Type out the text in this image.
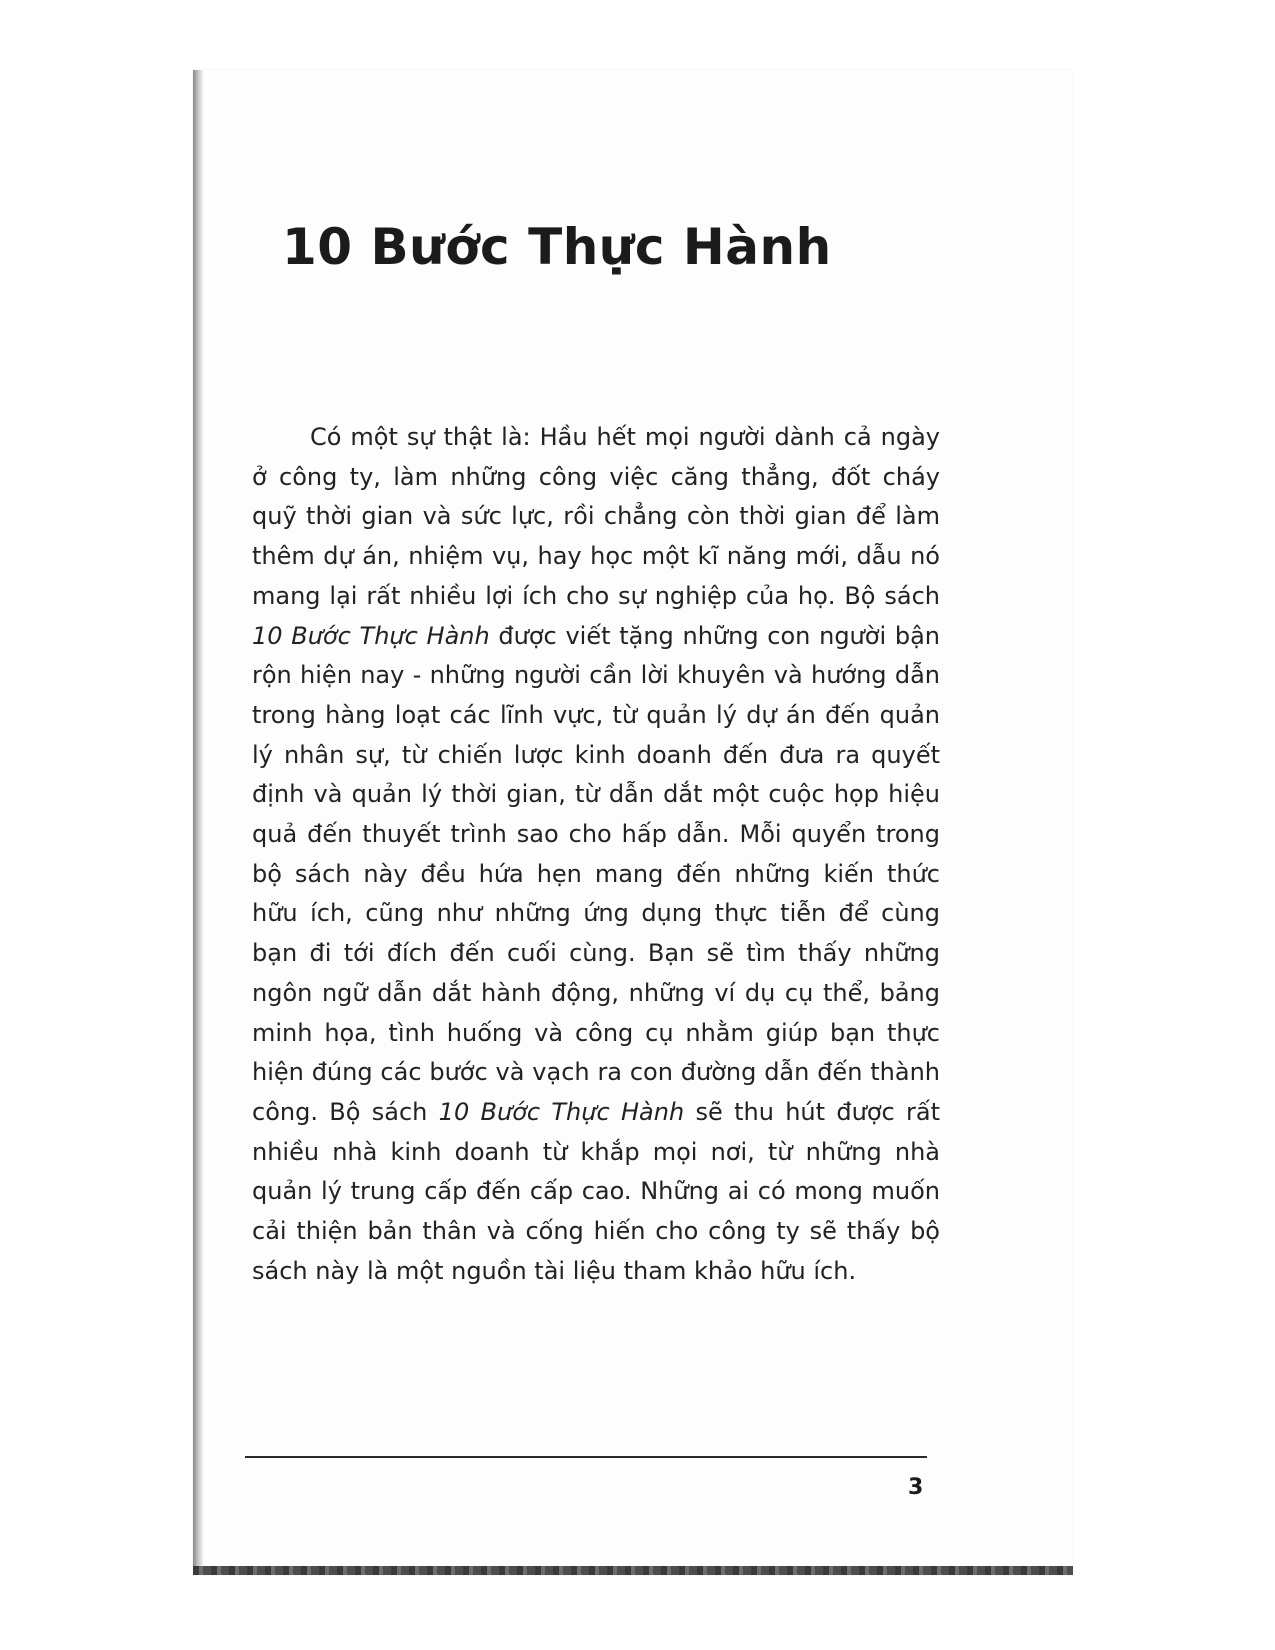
10 Bước Thực Hành

Có một sự thật là: Hầu hết mọi người dành cả ngày ở công ty, làm những công việc căng thẳng, đốt cháy quỹ thời gian và sức lực, rồi chẳng còn thời gian để làm thêm dự án, nhiệm vụ, hay học một kĩ năng mới, dẫu nó mang lại rất nhiều lợi ích cho sự nghiệp của họ. Bộ sách 10 Bước Thực Hành được viết tặng những con người bận rộn hiện nay - những người cần lời khuyên và hướng dẫn trong hàng loạt các lĩnh vực, từ quản lý dự án đến quản lý nhân sự, từ chiến lược kinh doanh đến đưa ra quyết định và quản lý thời gian, từ dẫn dắt một cuộc họp hiệu quả đến thuyết trình sao cho hấp dẫn. Mỗi quyển trong bộ sách này đều hứa hẹn mang đến những kiến thức hữu ích, cũng như những ứng dụng thực tiễn để cùng bạn đi tới đích đến cuối cùng. Bạn sẽ tìm thấy những ngôn ngữ dẫn dắt hành động, những ví dụ cụ thể, bảng minh họa, tình huống và công cụ nhằm giúp bạn thực hiện đúng các bước và vạch ra con đường dẫn đến thành công. Bộ sách 10 Bước Thực Hành sẽ thu hút được rất nhiều nhà kinh doanh từ khắp mọi nơi, từ những nhà quản lý trung cấp đến cấp cao. Những ai có mong muốn cải thiện bản thân và cống hiến cho công ty sẽ thấy bộ sách này là một nguồn tài liệu tham khảo hữu ích.

3
